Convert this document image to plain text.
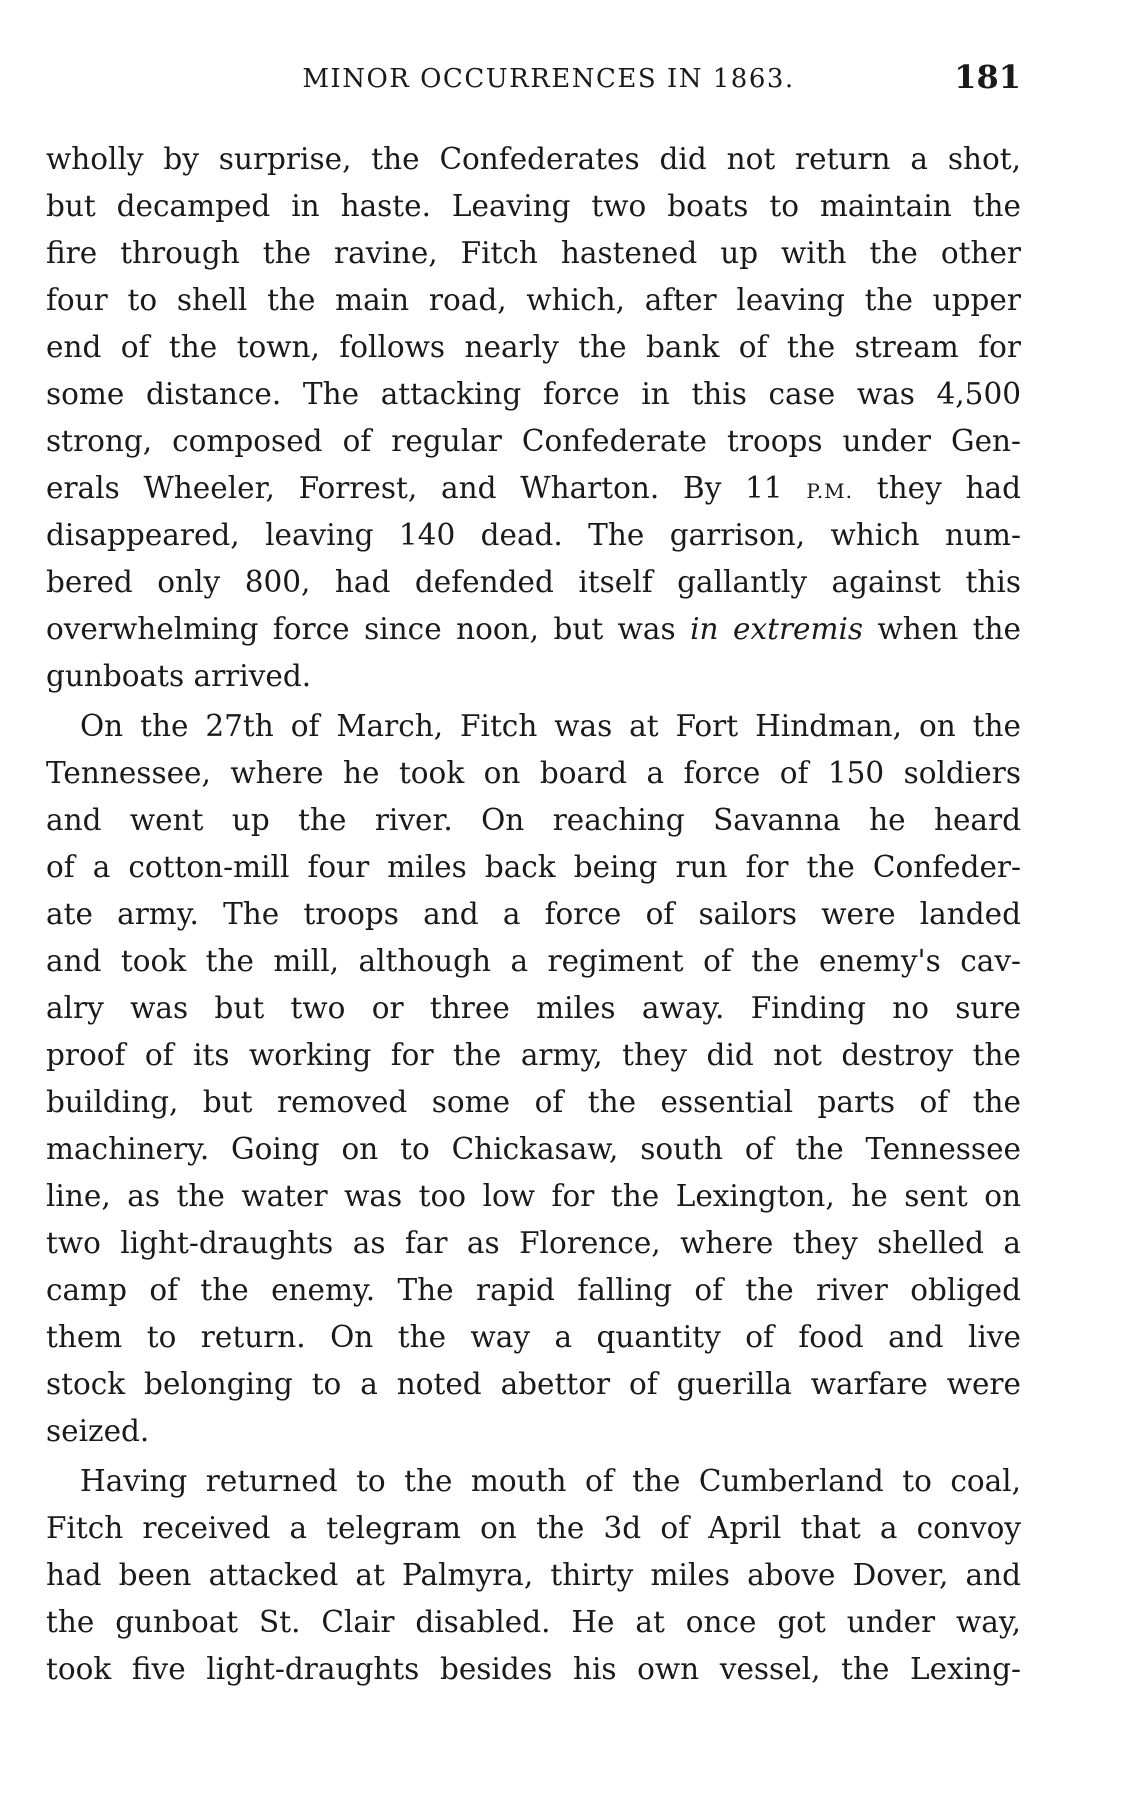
MINOR OCCURRENCES IN 1863.	181
wholly by surprise, the Confederates did not return a shot,
but decamped in haste. Leaving two boats to maintain the
fire through the ravine, Fitch hastened up with the other
four to shell the main road, which, after leaving the upper
end of the town, follows nearly the bank of the stream for
some distance. The attacking force in this case was 4,500
strong, composed of regular Confederate troops under Gen-
erals Wheeler, Forrest, and Wharton. By 11 P.M. they had
disappeared, leaving 140 dead. The garrison, which num-
bered only 800, had defended itself gallantly against this
overwhelming force since noon, but was in extremis when the
gunboats arrived.
On the 27th of March, Fitch was at Fort Hindman, on the
Tennessee, where he took on board a force of 150 soldiers
and went up the river. On reaching Savanna he heard
of a cotton-mill four miles back being run for the Confeder-
ate army. The troops and a force of sailors were landed
and took the mill, although a regiment of the enemy's cav-
alry was but two or three miles away. Finding no sure
proof of its working for the army, they did not destroy the
building, but removed some of the essential parts of the
machinery. Going on to Chickasaw, south of the Tennessee
line, as the water was too low for the Lexington, he sent on
two light-draughts as far as Florence, where they shelled a
camp of the enemy. The rapid falling of the river obliged
them to return. On the way a quantity of food and live
stock belonging to a noted abettor of guerilla warfare were
seized.
Having returned to the mouth of the Cumberland to coal,
Fitch received a telegram on the 3d of April that a convoy
had been attacked at Palmyra, thirty miles above Dover, and
the gunboat St. Clair disabled. He at once got under way,
took five light-draughts besides his own vessel, the Lexing-
